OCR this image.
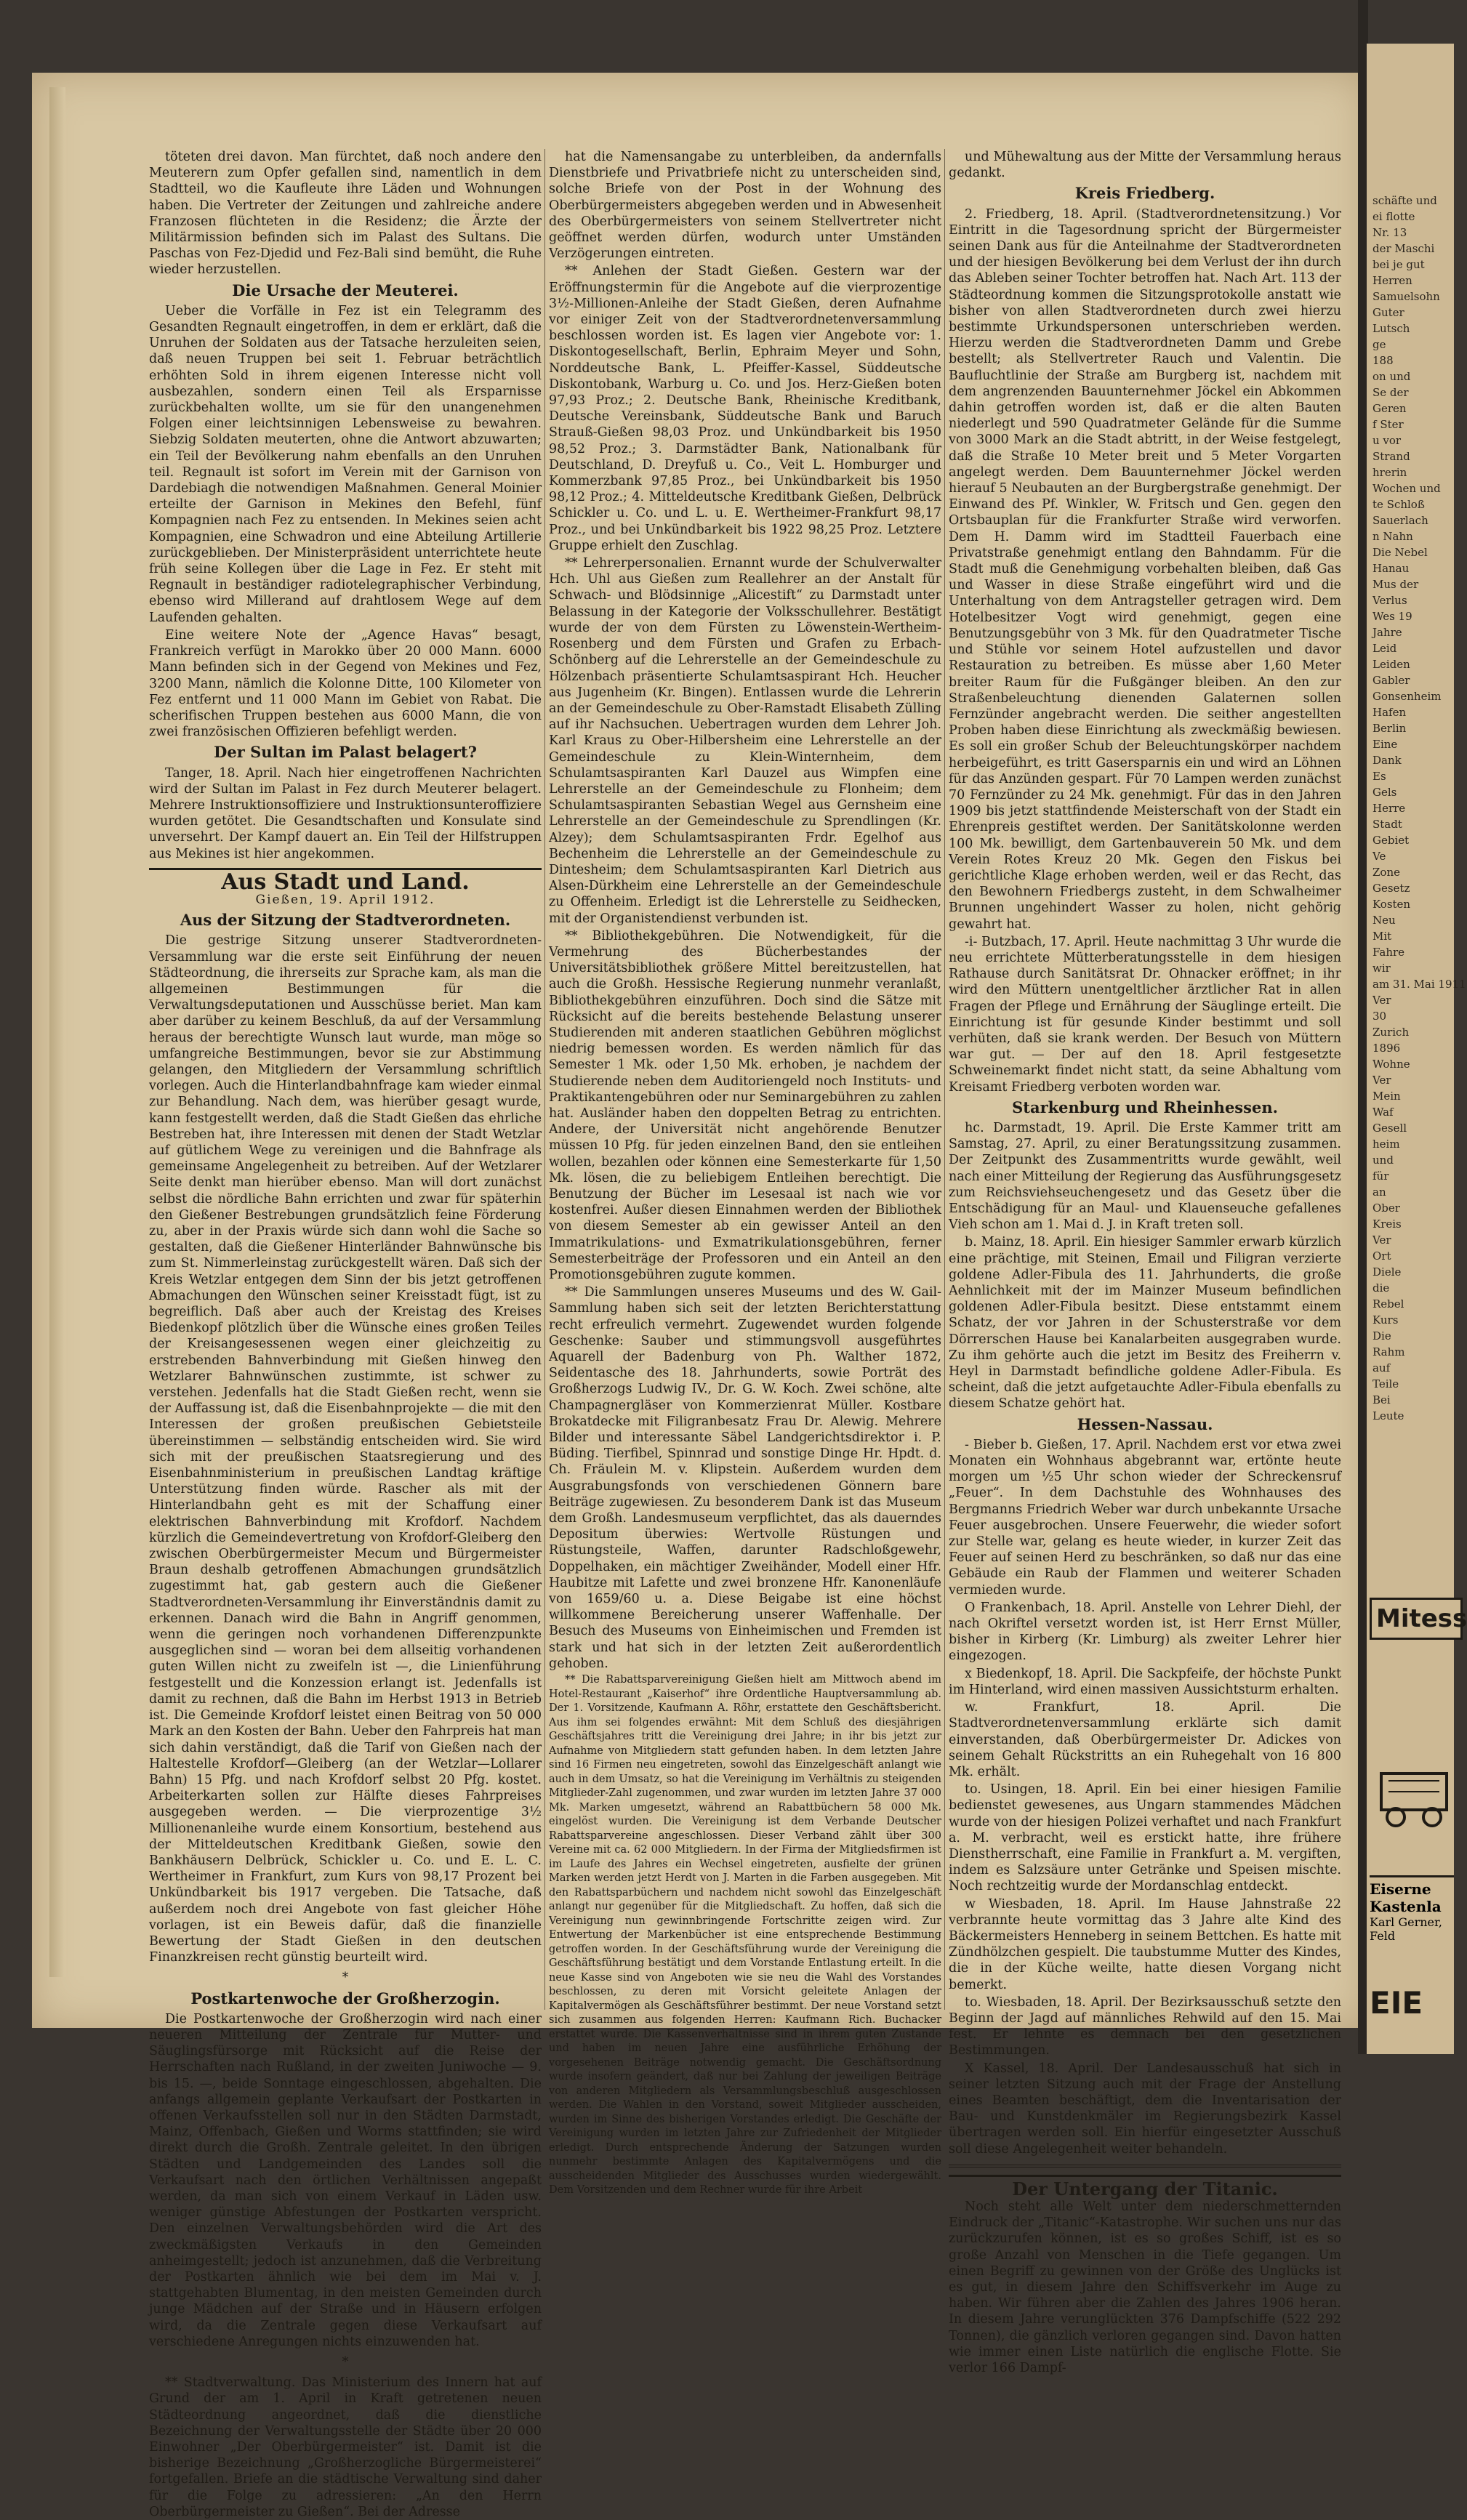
töteten drei davon. Man fürchtet, daß noch andere den Meuterern zum Opfer gefallen sind, namentlich in dem Stadtteil, wo die Kaufleute ihre Läden und Wohnungen haben. Die Vertreter der Zeitungen und zahlreiche andere Franzosen flüchteten in die Residenz; die Ärzte der Militärmission befinden sich im Palast des Sultans. Die Paschas von Fez-Djedid und Fez-Bali sind bemüht, die Ruhe wieder herzustellen.

Die Ursache der Meuterei.

Ueber die Vorfälle in Fez ist ein Telegramm des Gesandten Regnault eingetroffen, in dem er erklärt, daß die Unruhen der Soldaten aus der Tatsache herzuleiten seien, daß neuen Truppen bei seit 1. Februar beträchtlich erhöhten Sold in ihrem eigenen Interesse nicht voll ausbezahlen, sondern einen Teil als Ersparnisse zurückbehalten wollte, um sie für den unangenehmen Folgen einer leichtsinnigen Lebensweise zu bewahren. Siebzig Soldaten meuterten, ohne die Antwort abzuwarten; ein Teil der Bevölkerung nahm ebenfalls an den Unruhen teil. Regnault ist sofort im Verein mit der Garnison von Dardebiagh die notwendigen Maßnahmen. General Moinier erteilte der Garnison in Mekines den Befehl, fünf Kompagnien nach Fez zu entsenden. In Mekines seien acht Kompagnien, eine Schwadron und eine Abteilung Artillerie zurückgeblieben. Der Ministerpräsident unterrichtete heute früh seine Kollegen über die Lage in Fez. Er steht mit Regnault in beständiger radiotelegraphischer Verbindung, ebenso wird Millerand auf drahtlosem Wege auf dem Laufenden gehalten.

Eine weitere Note der „Agence Havas“ besagt, Frankreich verfügt in Marokko über 20 000 Mann. 6000 Mann befinden sich in der Gegend von Mekines und Fez, 3200 Mann, nämlich die Kolonne Ditte, 100 Kilometer von Fez entfernt und 11 000 Mann im Gebiet von Rabat. Die scherifischen Truppen bestehen aus 6000 Mann, die von zwei französischen Offizieren befehligt werden.

Der Sultan im Palast belagert?

Tanger, 18. April. Nach hier eingetroffenen Nachrichten wird der Sultan im Palast in Fez durch Meuterer belagert. Mehrere Instruktionsoffiziere und Instruktionsunteroffiziere wurden getötet. Die Gesandtschaften und Konsulate sind unversehrt. Der Kampf dauert an. Ein Teil der Hilfstruppen aus Mekines ist hier angekommen.

Aus Stadt und Land.
Gießen, 19. April 1912.
Aus der Sitzung der Stadtverordneten.

Die gestrige Sitzung unserer Stadtverordneten-Versammlung war die erste seit Einführung der neuen Städteordnung, die ihrerseits zur Sprache kam, als man die allgemeinen Bestimmungen für die Verwaltungsdeputationen und Ausschüsse beriet. Man kam aber darüber zu keinem Beschluß, da auf der Versammlung heraus der berechtigte Wunsch laut wurde, man möge so umfangreiche Bestimmungen, bevor sie zur Abstimmung gelangen, den Mitgliedern der Versammlung schriftlich vorlegen. Auch die Hinterlandbahnfrage kam wieder einmal zur Behandlung. Nach dem, was hierüber gesagt wurde, kann festgestellt werden, daß die Stadt Gießen das ehrliche Bestreben hat, ihre Interessen mit denen der Stadt Wetzlar auf gütlichem Wege zu vereinigen und die Bahnfrage als gemeinsame Angelegenheit zu betreiben. Auf der Wetzlarer Seite denkt man hierüber ebenso. Man will dort zunächst selbst die nördliche Bahn errichten und zwar für späterhin den Gießener Bestrebungen grundsätzlich feine Förderung zu, aber in der Praxis würde sich dann wohl die Sache so gestalten, daß die Gießener Hinterländer Bahnwünsche bis zum St. Nimmerleinstag zurückgestellt wären. Daß sich der Kreis Wetzlar entgegen dem Sinn der bis jetzt getroffenen Abmachungen den Wünschen seiner Kreisstadt fügt, ist zu begreiflich. Daß aber auch der Kreistag des Kreises Biedenkopf plötzlich über die Wünsche eines großen Teiles der Kreisangesessenen wegen einer gleichzeitig zu erstrebenden Bahnverbindung mit Gießen hinweg den Wetzlarer Bahnwünschen zustimmte, ist schwer zu verstehen. Jedenfalls hat die Stadt Gießen recht, wenn sie der Auffassung ist, daß die Eisenbahnprojekte — die mit den Interessen der großen preußischen Gebietsteile übereinstimmen — selbständig entscheiden wird. Sie wird sich mit der preußischen Staatsregierung und des Eisenbahnministerium in preußischen Landtag kräftige Unterstützung finden würde. Rascher als mit der Hinterlandbahn geht es mit der Schaffung einer elektrischen Bahnverbindung mit Krofdorf. Nachdem kürzlich die Gemeindevertretung von Krofdorf-Gleiberg den zwischen Oberbürgermeister Mecum und Bürgermeister Braun deshalb getroffenen Abmachungen grundsätzlich zugestimmt hat, gab gestern auch die Gießener Stadtverordneten-Versammlung ihr Einverständnis damit zu erkennen. Danach wird die Bahn in Angriff genommen, wenn die geringen noch vorhandenen Differenzpunkte ausgeglichen sind — woran bei dem allseitig vorhandenen guten Willen nicht zu zweifeln ist —, die Linienführung festgestellt und die Konzession erlangt ist. Jedenfalls ist damit zu rechnen, daß die Bahn im Herbst 1913 in Betrieb ist. Die Gemeinde Krofdorf leistet einen Beitrag von 50 000 Mark an den Kosten der Bahn. Ueber den Fahrpreis hat man sich dahin verständigt, daß die Tarif von Gießen nach der Haltestelle Krofdorf—Gleiberg (an der Wetzlar—Lollarer Bahn) 15 Pfg. und nach Krofdorf selbst 20 Pfg. kostet. Arbeiterkarten sollen zur Hälfte dieses Fahrpreises ausgegeben werden. — Die vierprozentige 3½ Millionenanleihe wurde einem Konsortium, bestehend aus der Mitteldeutschen Kreditbank Gießen, sowie den Bankhäusern Delbrück, Schickler u. Co. und E. L. C. Wertheimer in Frankfurt, zum Kurs von 98,17 Prozent bei Unkündbarkeit bis 1917 vergeben. Die Tatsache, daß außerdem noch drei Angebote von fast gleicher Höhe vorlagen, ist ein Beweis dafür, daß die finanzielle Bewertung der Stadt Gießen in den deutschen Finanzkreisen recht günstig beurteilt wird.

*
Postkartenwoche der Großherzogin.

Die Postkartenwoche der Großherzogin wird nach einer neueren Mitteilung der Zentrale für Mutter- und Säuglingsfürsorge mit Rücksicht auf die Reise der Herrschaften nach Rußland, in der zweiten Juniwoche — 9. bis 15. —, beide Sonntage eingeschlossen, abgehalten. Die anfangs allgemein geplante Verkaufsart der Postkarten in offenen Verkaufsstellen soll nur in den Städten Darmstadt, Mainz, Offenbach, Gießen und Worms stattfinden; sie wird direkt durch die Großh. Zentrale geleitet. In den übrigen Städten und Landgemeinden des Landes soll die Verkaufsart nach den örtlichen Verhältnissen angepaßt werden, da man sich von einem Verkauf in Läden usw. weniger günstige Abfestungen der Postkarten verspricht. Den einzelnen Verwaltungsbehörden wird die Art des zweckmäßigsten Verkaufs in den Gemeinden anheimgestellt; jedoch ist anzunehmen, daß die Verbreitung der Postkarten ähnlich wie bei dem im Mai v. J. stattgehabten Blumentag, in den meisten Gemeinden durch junge Mädchen auf der Straße und in Häusern erfolgen wird, da die Zentrale gegen diese Verkaufsart auf verschiedene Anregungen nichts einzuwenden hat.

*

** Stadtverwaltung. Das Ministerium des Innern hat auf Grund der am 1. April in Kraft getretenen neuen Städteordnung angeordnet, daß die dienstliche Bezeichnung der Verwaltungsstelle der Städte über 20 000 Einwohner „Der Oberbürgermeister“ ist. Damit ist die bisherige Bezeichnung „Großherzogliche Bürgermeisterei“ fortgefallen. Briefe an die städtische Verwaltung sind daher für die Folge zu adressieren: „An den Herrn Oberbürgermeister zu Gießen“. Bei der Adresse

hat die Namensangabe zu unterbleiben, da andernfalls Dienstbriefe und Privatbriefe nicht zu unterscheiden sind, solche Briefe von der Post in der Wohnung des Oberbürgermeisters abgegeben werden und in Abwesenheit des Oberbürgermeisters von seinem Stellvertreter nicht geöffnet werden dürfen, wodurch unter Umständen Verzögerungen eintreten.

** Anlehen der Stadt Gießen. Gestern war der Eröffnungstermin für die Angebote auf die vierprozentige 3½-Millionen-Anleihe der Stadt Gießen, deren Aufnahme vor einiger Zeit von der Stadtverordnetenversammlung beschlossen worden ist. Es lagen vier Angebote vor: 1. Diskontogesellschaft, Berlin, Ephraim Meyer und Sohn, Norddeutsche Bank, L. Pfeiffer-Kassel, Süddeutsche Diskontobank, Warburg u. Co. und Jos. Herz-Gießen boten 97,93 Proz.; 2. Deutsche Bank, Rheinische Kreditbank, Deutsche Vereinsbank, Süddeutsche Bank und Baruch Strauß-Gießen 98,03 Proz. und Unkündbarkeit bis 1950 98,52 Proz.; 3. Darmstädter Bank, Nationalbank für Deutschland, D. Dreyfuß u. Co., Veit L. Homburger und Kommerzbank 97,85 Proz., bei Unkündbarkeit bis 1950 98,12 Proz.; 4. Mitteldeutsche Kreditbank Gießen, Delbrück Schickler u. Co. und L. u. E. Wertheimer-Frankfurt 98,17 Proz., und bei Unkündbarkeit bis 1922 98,25 Proz. Letztere Gruppe erhielt den Zuschlag.

** Lehrerpersonalien. Ernannt wurde der Schulverwalter Hch. Uhl aus Gießen zum Reallehrer an der Anstalt für Schwach- und Blödsinnige „Alicestift“ zu Darmstadt unter Belassung in der Kategorie der Volksschullehrer. Bestätigt wurde der von dem Fürsten zu Löwenstein-Wertheim-Rosenberg und dem Fürsten und Grafen zu Erbach-Schönberg auf die Lehrerstelle an der Gemeindeschule zu Hölzenbach präsentierte Schulamtsaspirant Hch. Heucher aus Jugenheim (Kr. Bingen). Entlassen wurde die Lehrerin an der Gemeindeschule zu Ober-Ramstadt Elisabeth Zülling auf ihr Nachsuchen. Uebertragen wurden dem Lehrer Joh. Karl Kraus zu Ober-Hilbersheim eine Lehrerstelle an der Gemeindeschule zu Klein-Winternheim, dem Schulamtsaspiranten Karl Dauzel aus Wimpfen eine Lehrerstelle an der Gemeindeschule zu Flonheim; dem Schulamtsaspiranten Sebastian Wegel aus Gernsheim eine Lehrerstelle an der Gemeindeschule zu Sprendlingen (Kr. Alzey); dem Schulamtsaspiranten Frdr. Egelhof aus Bechenheim die Lehrerstelle an der Gemeindeschule zu Dintesheim; dem Schulamtsaspiranten Karl Dietrich aus Alsen-Dürkheim eine Lehrerstelle an der Gemeindeschule zu Offenheim. Erledigt ist die Lehrerstelle zu Seidhecken, mit der Organistendienst verbunden ist.

** Bibliothekgebühren. Die Notwendigkeit, für die Vermehrung des Bücherbestandes der Universitätsbibliothek größere Mittel bereitzustellen, hat auch die Großh. Hessische Regierung nunmehr veranlaßt, Bibliothekgebühren einzuführen. Doch sind die Sätze mit Rücksicht auf die bereits bestehende Belastung unserer Studierenden mit anderen staatlichen Gebühren möglichst niedrig bemessen worden. Es werden nämlich für das Semester 1 Mk. oder 1,50 Mk. erhoben, je nachdem der Studierende neben dem Auditoriengeld noch Instituts- und Praktikantengebühren oder nur Seminargebühren zu zahlen hat. Ausländer haben den doppelten Betrag zu entrichten. Andere, der Universität nicht angehörende Benutzer müssen 10 Pfg. für jeden einzelnen Band, den sie entleihen wollen, bezahlen oder können eine Semesterkarte für 1,50 Mk. lösen, die zu beliebigem Entleihen berechtigt. Die Benutzung der Bücher im Lesesaal ist nach wie vor kostenfrei. Außer diesen Einnahmen werden der Bibliothek von diesem Semester ab ein gewisser Anteil an den Immatrikulations- und Exmatrikulationsgebühren, ferner Semesterbeiträge der Professoren und ein Anteil an den Promotionsgebühren zugute kommen.

** Die Sammlungen unseres Museums und des W. Gail-Sammlung haben sich seit der letzten Berichterstattung recht erfreulich vermehrt. Zugewendet wurden folgende Geschenke: Sauber und stimmungsvoll ausgeführtes Aquarell der Badenburg von Ph. Walther 1872, Seidentasche des 18. Jahrhunderts, sowie Porträt des Großherzogs Ludwig IV., Dr. G. W. Koch. Zwei schöne, alte Champagnergläser von Kommerzienrat Müller. Kostbare Brokatdecke mit Filigranbesatz Frau Dr. Alewig. Mehrere Bilder und interessante Säbel Landgerichtsdirektor i. P. Büding. Tierfibel, Spinnrad und sonstige Dinge Hr. Hpdt. d. Ch. Fräulein M. v. Klipstein. Außerdem wurden dem Ausgrabungsfonds von verschiedenen Gönnern bare Beiträge zugewiesen. Zu besonderem Dank ist das Museum dem Großh. Landesmuseum verpflichtet, das als dauerndes Depositum überwies: Wertvolle Rüstungen und Rüstungsteile, Waffen, darunter Radschloßgewehr, Doppelhaken, ein mächtiger Zweihänder, Modell einer Hfr. Haubitze mit Lafette und zwei bronzene Hfr. Kanonenläufe von 1659/60 u. a. Diese Beigabe ist eine höchst willkommene Bereicherung unserer Waffenhalle. Der Besuch des Museums von Einheimischen und Fremden ist stark und hat sich in der letzten Zeit außerordentlich gehoben.

** Die Rabattsparvereinigung Gießen hielt am Mittwoch abend im Hotel-Restaurant „Kaiserhof“ ihre Ordentliche Hauptversammlung ab. Der 1. Vorsitzende, Kaufmann A. Röhr, erstattete den Geschäftsbericht. Aus ihm sei folgendes erwähnt: Mit dem Schluß des diesjährigen Geschäftsjahres tritt die Vereinigung drei Jahre; in ihr bis jetzt zur Aufnahme von Mitgliedern statt gefunden haben. In dem letzten Jahre sind 16 Firmen neu eingetreten, sowohl das Einzelgeschäft anlangt wie auch in dem Umsatz, so hat die Vereinigung im Verhältnis zu steigenden Mitglieder-Zahl zugenommen, und zwar wurden im letzten Jahre 37 000 Mk. Marken umgesetzt, während an Rabattbüchern 58 000 Mk. eingelöst wurden. Die Vereinigung ist dem Verbande Deutscher Rabattsparvereine angeschlossen. Dieser Verband zählt über 300 Vereine mit ca. 62 000 Mitgliedern. In der Firma der Mitgliedsfirmen ist im Laufe des Jahres ein Wechsel eingetreten, ausfielte der grünen Marken werden jetzt Herdt von J. Marten in die Farben ausgegeben. Mit den Rabattsparbüchern und nachdem nicht sowohl das Einzelgeschäft anlangt nur gegenüber für die Mitgliedschaft. Zu hoffen, daß sich die Vereinigung nun gewinnbringende Fortschritte zeigen wird. Zur Entwertung der Markenbücher ist eine entsprechende Bestimmung getroffen worden. In der Geschäftsführung wurde der Vereinigung die Geschäftsführung bestätigt und dem Vorstande Entlastung erteilt. In die neue Kasse sind von Angeboten wie sie neu die Wahl des Vorstandes beschlossen, zu deren mit Vorsicht geleitete Anlagen der Kapitalvermögen als Geschäftsführer bestimmt. Der neue Vorstand setzt sich zusammen aus folgenden Herren: Kaufmann Rich. Buchacker erstattet wurde. Die Kassenverhältnisse sind in ihrem guten Zustande und haben im neuen Jahre eine ausführliche Erhöhung der vorgesehenen Beiträge notwendig gemacht. Die Geschäftsordnung wurde insofern geändert, daß nur bei Zahlung der jeweiligen Beiträge von anderen Mitgliedern als Versammlungsbeschluß ausgeschlossen werden. Die Wahlen in den Vorstand, soweit Mitglieder ausscheiden, wurden im Sinne des bisherigen Vorstandes erledigt. Die Geschäfte der Vereinigung wurden im letzten Jahre zur Zufriedenheit der Mitglieder erledigt. Durch entsprechende Änderung der Satzungen wurden nunmehr bestimmte Anlagen des Kapitalvermögens und die ausscheidenden Mitglieder des Ausschusses wurden wiedergewählt. Dem Vorsitzenden und dem Rechner wurde für ihre Arbeit

und Mühewaltung aus der Mitte der Versammlung heraus gedankt.

Kreis Friedberg.

2. Friedberg, 18. April. (Stadtverordnetensitzung.) Vor Eintritt in die Tagesordnung spricht der Bürgermeister seinen Dank aus für die Anteilnahme der Stadtverordneten und der hiesigen Bevölkerung bei dem Verlust der ihn durch das Ableben seiner Tochter betroffen hat. Nach Art. 113 der Städteordnung kommen die Sitzungsprotokolle anstatt wie bisher von allen Stadtverordneten durch zwei hierzu bestimmte Urkundspersonen unterschrieben werden. Hierzu werden die Stadtverordneten Damm und Grebe bestellt; als Stellvertreter Rauch und Valentin. Die Baufluchtlinie der Straße am Burgberg ist, nachdem mit dem angrenzenden Bauunternehmer Jöckel ein Abkommen dahin getroffen worden ist, daß er die alten Bauten niederlegt und 590 Quadratmeter Gelände für die Summe von 3000 Mark an die Stadt abtritt, in der Weise festgelegt, daß die Straße 10 Meter breit und 5 Meter Vorgarten angelegt werden. Dem Bauunternehmer Jöckel werden hierauf 5 Neubauten an der Burgbergstraße genehmigt. Der Einwand des Pf. Winkler, W. Fritsch und Gen. gegen den Ortsbauplan für die Frankfurter Straße wird verworfen. Dem H. Damm wird im Stadtteil Fauerbach eine Privatstraße genehmigt entlang den Bahndamm. Für die Stadt muß die Genehmigung vorbehalten bleiben, daß Gas und Wasser in diese Straße eingeführt wird und die Unterhaltung von dem Antragsteller getragen wird. Dem Hotelbesitzer Vogt wird genehmigt, gegen eine Benutzungsgebühr von 3 Mk. für den Quadratmeter Tische und Stühle vor seinem Hotel aufzustellen und davor Restauration zu betreiben. Es müsse aber 1,60 Meter breiter Raum für die Fußgänger bleiben. An den zur Straßenbeleuchtung dienenden Galaternen sollen Fernzünder angebracht werden. Die seither angestellten Proben haben diese Einrichtung als zweckmäßig bewiesen. Es soll ein großer Schub der Beleuchtungskörper nachdem herbeigeführt, es tritt Gasersparnis ein und wird an Löhnen für das Anzünden gespart. Für 70 Lampen werden zunächst 70 Fernzünder zu 24 Mk. genehmigt. Für das in den Jahren 1909 bis jetzt stattfindende Meisterschaft von der Stadt ein Ehrenpreis gestiftet werden. Der Sanitätskolonne werden 100 Mk. bewilligt, dem Gartenbauverein 50 Mk. und dem Verein Rotes Kreuz 20 Mk. Gegen den Fiskus bei gerichtliche Klage erhoben werden, weil er das Recht, das den Bewohnern Friedbergs zusteht, in dem Schwalheimer Brunnen ungehindert Wasser zu holen, nicht gehörig gewahrt hat.

-i- Butzbach, 17. April. Heute nachmittag 3 Uhr wurde die neu errichtete Mütterberatungsstelle in dem hiesigen Rathause durch Sanitätsrat Dr. Ohnacker eröffnet; in ihr wird den Müttern unentgeltlicher ärztlicher Rat in allen Fragen der Pflege und Ernährung der Säuglinge erteilt. Die Einrichtung ist für gesunde Kinder bestimmt und soll verhüten, daß sie krank werden. Der Besuch von Müttern war gut. — Der auf den 18. April festgesetzte Schweinemarkt findet nicht statt, da seine Abhaltung vom Kreisamt Friedberg verboten worden war.

Starkenburg und Rheinhessen.

hc. Darmstadt, 19. April. Die Erste Kammer tritt am Samstag, 27. April, zu einer Beratungssitzung zusammen. Der Zeitpunkt des Zusammentritts wurde gewählt, weil nach einer Mitteilung der Regierung das Ausführungsgesetz zum Reichsviehseuchengesetz und das Gesetz über die Entschädigung für an Maul- und Klauenseuche gefallenes Vieh schon am 1. Mai d. J. in Kraft treten soll.

b. Mainz, 18. April. Ein hiesiger Sammler erwarb kürzlich eine prächtige, mit Steinen, Email und Filigran verzierte goldene Adler-Fibula des 11. Jahrhunderts, die große Aehnlichkeit mit der im Mainzer Museum befindlichen goldenen Adler-Fibula besitzt. Diese entstammt einem Schatz, der vor Jahren in der Schusterstraße vor dem Dörrerschen Hause bei Kanalarbeiten ausgegraben wurde. Zu ihm gehörte auch die jetzt im Besitz des Freiherrn v. Heyl in Darmstadt befindliche goldene Adler-Fibula. Es scheint, daß die jetzt aufgetauchte Adler-Fibula ebenfalls zu diesem Schatze gehört hat.

Hessen-Nassau.

- Bieber b. Gießen, 17. April. Nachdem erst vor etwa zwei Monaten ein Wohnhaus abgebrannt war, ertönte heute morgen um ½5 Uhr schon wieder der Schreckensruf „Feuer“. In dem Dachstuhle des Wohnhauses des Bergmanns Friedrich Weber war durch unbekannte Ursache Feuer ausgebrochen. Unsere Feuerwehr, die wieder sofort zur Stelle war, gelang es heute wieder, in kurzer Zeit das Feuer auf seinen Herd zu beschränken, so daß nur das eine Gebäude ein Raub der Flammen und weiterer Schaden vermieden wurde.

O Frankenbach, 18. April. Anstelle von Lehrer Diehl, der nach Okriftel versetzt worden ist, ist Herr Ernst Müller, bisher in Kirberg (Kr. Limburg) als zweiter Lehrer hier eingezogen.

x Biedenkopf, 18. April. Die Sackpfeife, der höchste Punkt im Hinterland, wird einen massiven Aussichtsturm erhalten.

w. Frankfurt, 18. April. Die Stadtverordnetenversammlung erklärte sich damit einverstanden, daß Oberbürgermeister Dr. Adickes von seinem Gehalt Rückstritts an ein Ruhegehalt von 16 800 Mk. erhält.

to. Usingen, 18. April. Ein bei einer hiesigen Familie bedienstet gewesenes, aus Ungarn stammendes Mädchen wurde von der hiesigen Polizei verhaftet und nach Frankfurt a. M. verbracht, weil es erstickt hatte, ihre frühere Dienstherrschaft, eine Familie in Frankfurt a. M. vergiften, indem es Salzsäure unter Getränke und Speisen mischte. Noch rechtzeitig wurde der Mordanschlag entdeckt.

w Wiesbaden, 18. April. Im Hause Jahnstraße 22 verbrannte heute vormittag das 3 Jahre alte Kind des Bäckermeisters Henneberg in seinem Bettchen. Es hatte mit Zündhölzchen gespielt. Die taubstumme Mutter des Kindes, die in der Küche weilte, hatte diesen Vorgang nicht bemerkt.

to. Wiesbaden, 18. April. Der Bezirksausschuß setzte den Beginn der Jagd auf männliches Rehwild auf den 15. Mai fest. Er lehnte es demnach bei den gesetzlichen Bestimmungen.

X Kassel, 18. April. Der Landesausschuß hat sich in seiner letzten Sitzung auch mit der Frage der Anstellung eines Beamten beschäftigt, dem die Inventarisation der Bau- und Kunstdenkmäler im Regierungsbezirk Kassel übertragen werden soll. Ein hierfür eingesetzter Ausschuß soll diese Angelegenheit weiter behandeln.

Der Untergang der Titanic.

Noch steht alle Welt unter dem niederschmetternden Eindruck der „Titanic“-Katastrophe. Wir suchen uns nur das zurückzurufen können, ist es so großes Schiff, ist es so große Anzahl von Menschen in die Tiefe gegangen. Um einen Begriff zu gewinnen von der Größe des Unglücks ist es gut, in diesem Jahre den Schiffsverkehr im Auge zu haben. Wir führen aber die Zahlen des Jahres 1906 heran. In diesem Jahre verunglückten 376 Dampfschiffe (522 292 Tonnen), die gänzlich verloren gegangen sind. Davon hatten wie immer einen Liste natürlich die englische Flotte. Sie verlor 166 Dampf-

schäfte und
ei flotte
Nr. 13
der Maschi
bei je gut
Herren
Samuelsohn
Guter
Lutsch
ge
188
on und
Se der
Geren
f Ster
u vor
Strand
hrerin
Wochen und
te Schloß
Sauerlach
n Nahn
Die Nebel
Hanau
Mus der
Verlus
Wes 19
Jahre
Leid
Leiden
Gabler
Gonsenheim
Hafen
Berlin
Eine
Dank
Es
Gels
Herre
Stadt
Gebiet
Ve
Zone
Gesetz
Kosten
Neu
Mit
Fahre
wir
am 31. Mai 1911
Ver
30
Zurich
1896
Wohne
Ver
Mein
Waf
Gesell
heim
und
für
an
Ober
Kreis
Ver
Ort
Diele
die
Rebel
Kurs
Die
Rahm
auf
Teile
Bei
Leute
Mitess
Eiserne Kastenla
Karl Gerner, Feld
EIE
